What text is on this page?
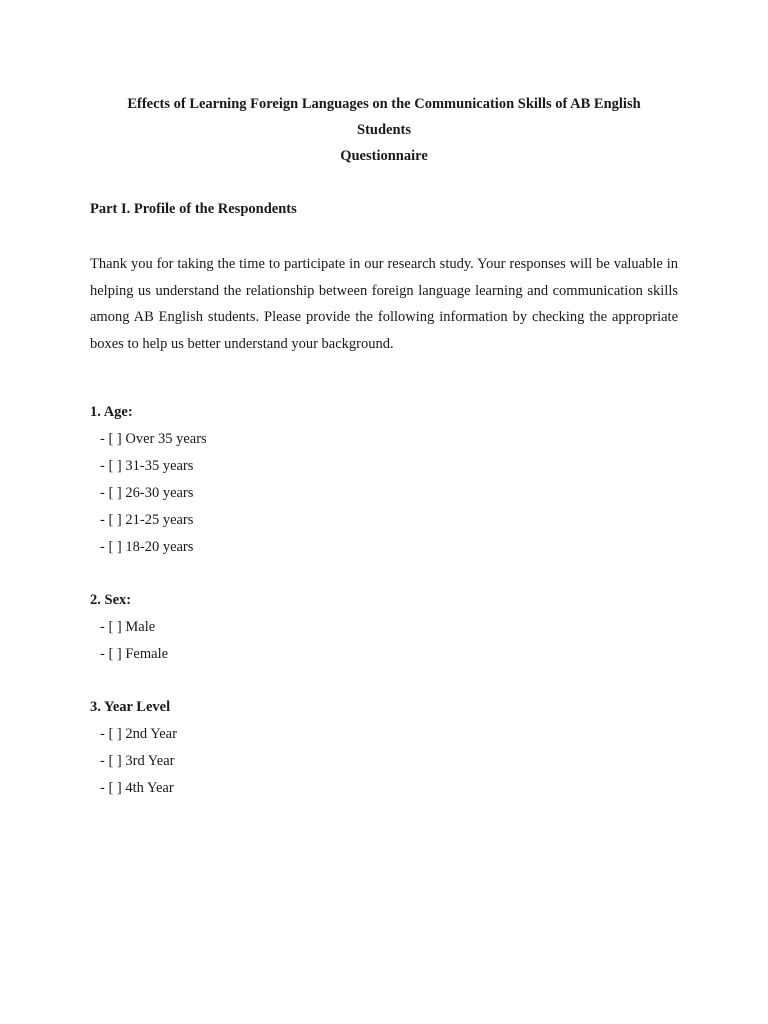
Effects of Learning Foreign Languages on the Communication Skills of AB English
Students
Questionnaire
Part I. Profile of the Respondents

Thank you for taking the time to participate in our research study. Your responses will be valuable in helping us understand the relationship between foreign language learning and communication skills among AB English students. Please provide the following information by checking the appropriate boxes to help us better understand your background.

1. Age:
- [ ] Over 35 years
- [ ] 31-35 years
- [ ] 26-30 years
- [ ] 21-25 years
- [ ] 18-20 years
2. Sex:
- [ ] Male
- [ ] Female
3. Year Level
- [ ] 2nd Year
- [ ] 3rd Year
- [ ] 4th Year
